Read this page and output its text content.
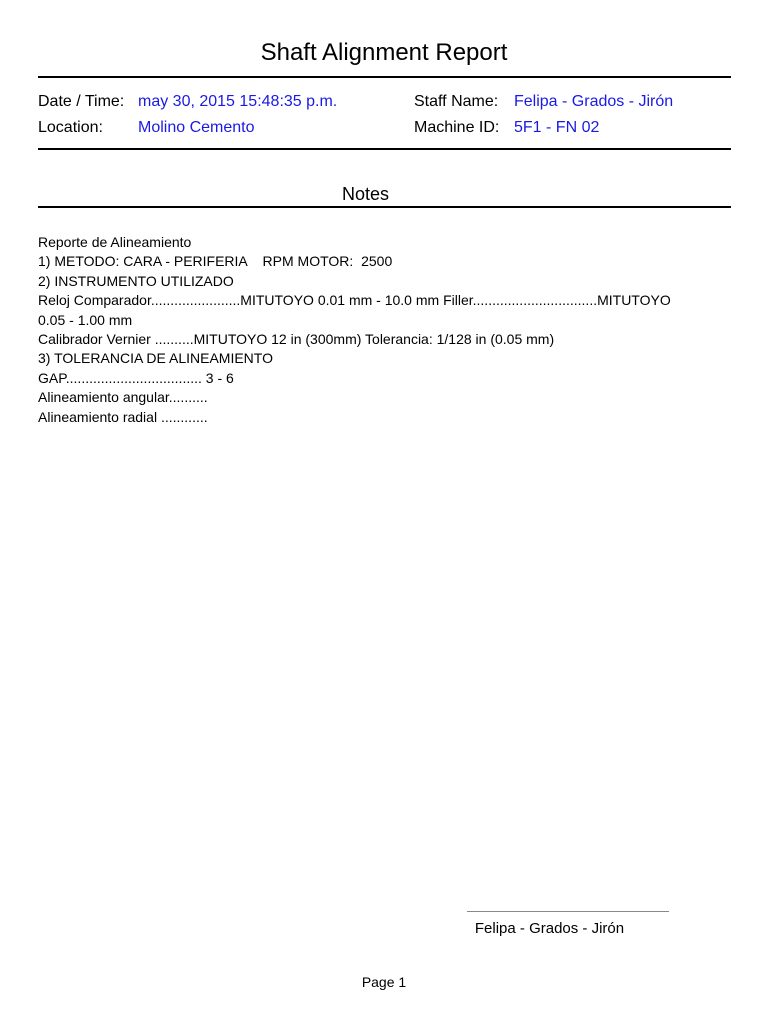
Shaft Alignment Report
Date / Time: may 30, 2015 15:48:35 p.m.
Location: Molino Cemento
Staff Name: Felipa - Grados - Jirón
Machine ID: 5F1 - FN 02
Notes
Reporte de Alineamiento
1) METODO: CARA - PERIFERIA    RPM MOTOR:  2500
2) INSTRUMENTO UTILIZADO
Reloj Comparador.......................MITUTOYO 0.01 mm - 10.0 mm Filler................................MITUTOYO
0.05 - 1.00 mm
Calibrador Vernier ..........MITUTOYO 12 in (300mm) Tolerancia: 1/128 in (0.05 mm)
3) TOLERANCIA DE ALINEAMIENTO
GAP................................... 3 - 6
Alineamiento angular..........
Alineamiento radial ............
Felipa - Grados - Jirón
Page 1
